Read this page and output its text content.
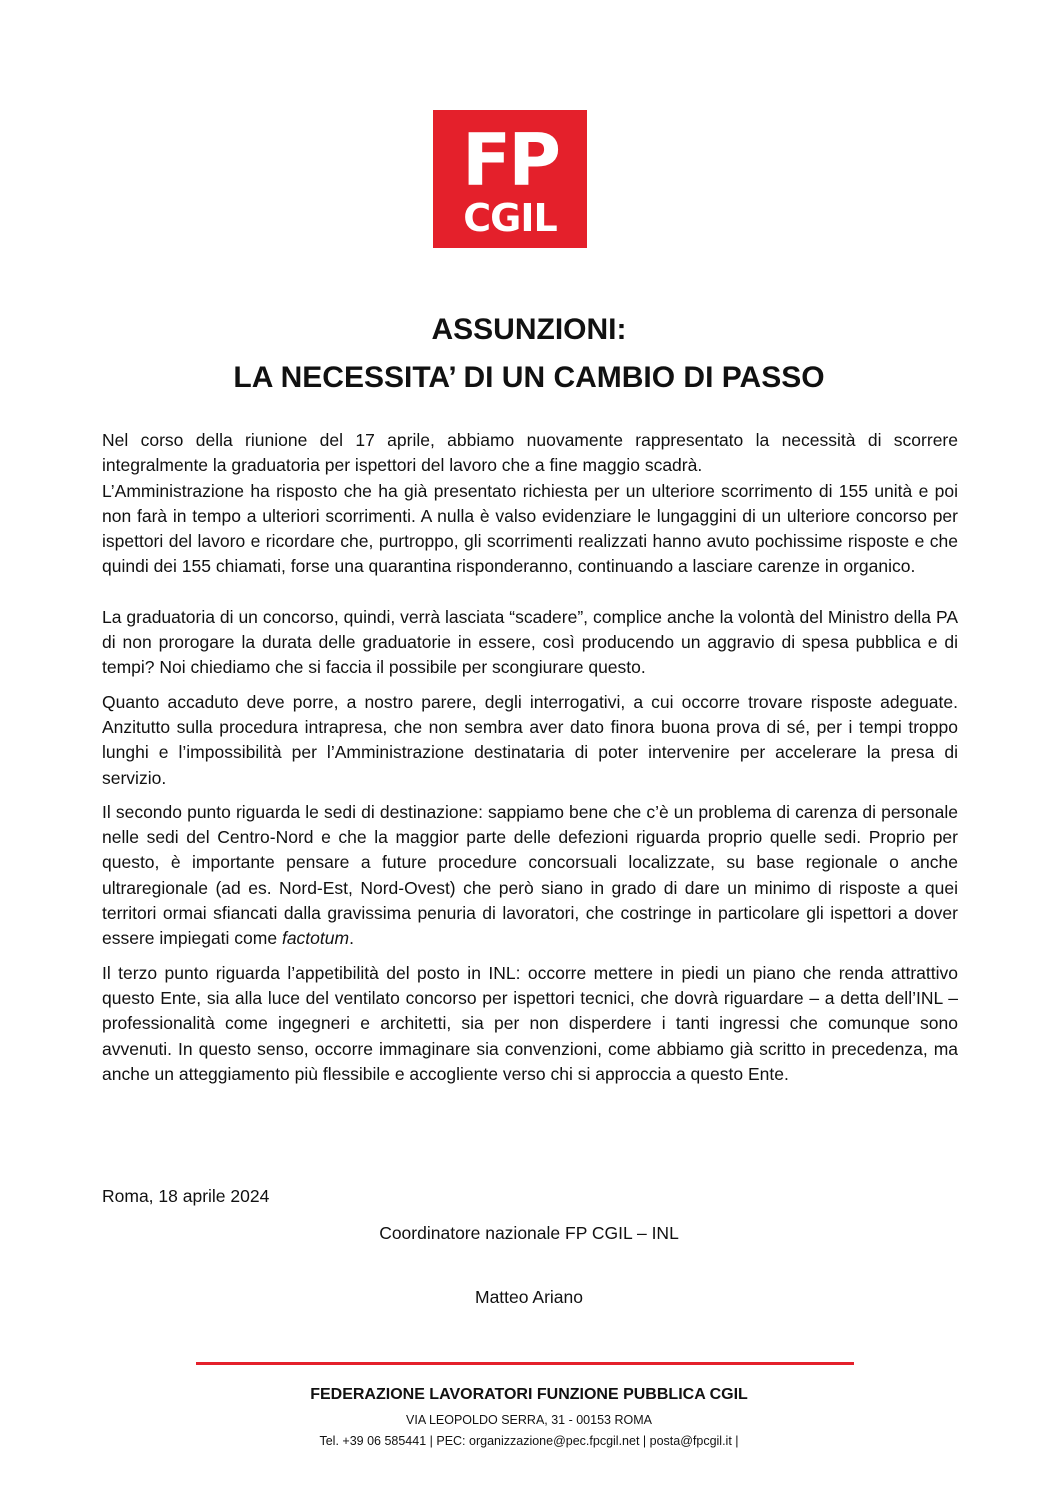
FP
CGIL
ASSUNZIONI:
LA NECESSITA’ DI UN CAMBIO DI PASSO

Nel corso della riunione del 17 aprile, abbiamo nuovamente rappresentato la necessità di scorrere integralmente la graduatoria per ispettori del lavoro che a fine maggio scadrà.

L’Amministrazione ha risposto che ha già presentato richiesta per un ulteriore scorrimento di 155 unità e poi non farà in tempo a ulteriori scorrimenti. A nulla è valso evidenziare le lungaggini di un ulteriore concorso per ispettori del lavoro e ricordare che, purtroppo, gli scorrimenti realizzati hanno avuto pochissime risposte e che quindi dei 155 chiamati, forse una quarantina risponderanno, continuando a lasciare carenze in organico.

La graduatoria di un concorso, quindi, verrà lasciata “scadere”, complice anche la volontà del Ministro della PA di non prorogare la durata delle graduatorie in essere, così producendo un aggravio di spesa pubblica e di tempi? Noi chiediamo che si faccia il possibile per scongiurare questo.

Quanto accaduto deve porre, a nostro parere, degli interrogativi, a cui occorre trovare risposte adeguate. Anzitutto sulla procedura intrapresa, che non sembra aver dato finora buona prova di sé, per i tempi troppo lunghi e l’impossibilità per l’Amministrazione destinataria di poter intervenire per accelerare la presa di servizio.

Il secondo punto riguarda le sedi di destinazione: sappiamo bene che c’è un problema di carenza di personale nelle sedi del Centro-Nord e che la maggior parte delle defezioni riguarda proprio quelle sedi. Proprio per questo, è importante pensare a future procedure concorsuali localizzate, su base regionale o anche ultraregionale (ad es. Nord-Est, Nord-Ovest) che però siano in grado di dare un minimo di risposte a quei territori ormai sfiancati dalla gravissima penuria di lavoratori, che costringe in particolare gli ispettori a dover essere impiegati come factotum.

Il terzo punto riguarda l’appetibilità del posto in INL: occorre mettere in piedi un piano che renda attrattivo questo Ente, sia alla luce del ventilato concorso per ispettori tecnici, che dovrà riguardare – a detta dell’INL – professionalità come ingegneri e architetti, sia per non disperdere i tanti ingressi che comunque sono avvenuti. In questo senso, occorre immaginare sia convenzioni, come abbiamo già scritto in precedenza, ma anche un atteggiamento più flessibile e accogliente verso chi si approccia a questo Ente.

Roma, 18 aprile 2024
Coordinatore nazionale FP CGIL – INL
Matteo Ariano
FEDERAZIONE LAVORATORI FUNZIONE PUBBLICA CGIL
VIA LEOPOLDO SERRA, 31 - 00153 ROMA
Tel. +39 06 585441 | PEC: organizzazione@pec.fpcgil.net | posta@fpcgil.it |
